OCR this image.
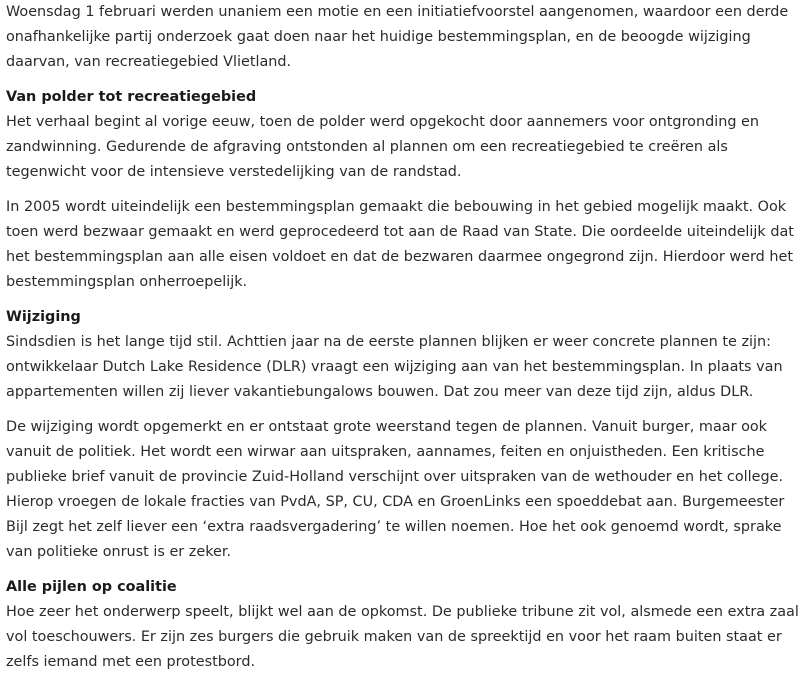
Woensdag 1 februari werden unaniem een motie en een initiatiefvoorstel aangenomen, waardoor een derde onafhankelijke partij onderzoek gaat doen naar het huidige bestemmingsplan, en de beoogde wijziging daarvan, van recreatiegebied Vlietland.

Van polder tot recreatiegebied

Het verhaal begint al vorige eeuw, toen de polder werd opgekocht door aannemers voor ontgronding en zandwinning. Gedurende de afgraving ontstonden al plannen om een recreatiegebied te creëren als tegenwicht voor de intensieve verstedelijking van de randstad.

In 2005 wordt uiteindelijk een bestemmingsplan gemaakt die bebouwing in het gebied mogelijk maakt. Ook toen werd bezwaar gemaakt en werd geprocedeerd tot aan de Raad van State. Die oordeelde uiteindelijk dat het bestemmingsplan aan alle eisen voldoet en dat de bezwaren daarmee ongegrond zijn. Hierdoor werd het bestemmingsplan onherroepelijk.

Wijziging

Sindsdien is het lange tijd stil. Achttien jaar na de eerste plannen blijken er weer concrete plannen te zijn: ontwikkelaar Dutch Lake Residence (DLR) vraagt een wijziging aan van het bestemmingsplan. In plaats van appartementen willen zij liever vakantiebungalows bouwen. Dat zou meer van deze tijd zijn, aldus DLR.

De wijziging wordt opgemerkt en er ontstaat grote weerstand tegen de plannen. Vanuit burger, maar ook vanuit de politiek. Het wordt een wirwar aan uitspraken, aannames, feiten en onjuistheden. Een kritische publieke brief vanuit de provincie Zuid-Holland verschijnt over uitspraken van de wethouder en het college. Hierop vroegen de lokale fracties van PvdA, SP, CU, CDA en GroenLinks een spoeddebat aan. Burgemeester Bijl zegt het zelf liever een ‘extra raadsvergadering’ te willen noemen. Hoe het ook genoemd wordt, sprake van politieke onrust is er zeker.

Alle pijlen op coalitie

Hoe zeer het onderwerp speelt, blijkt wel aan de opkomst. De publieke tribune zit vol, alsmede een extra zaal vol toeschouwers. Er zijn zes burgers die gebruik maken van de spreektijd en voor het raam buiten staat er zelfs iemand met een protestbord.
